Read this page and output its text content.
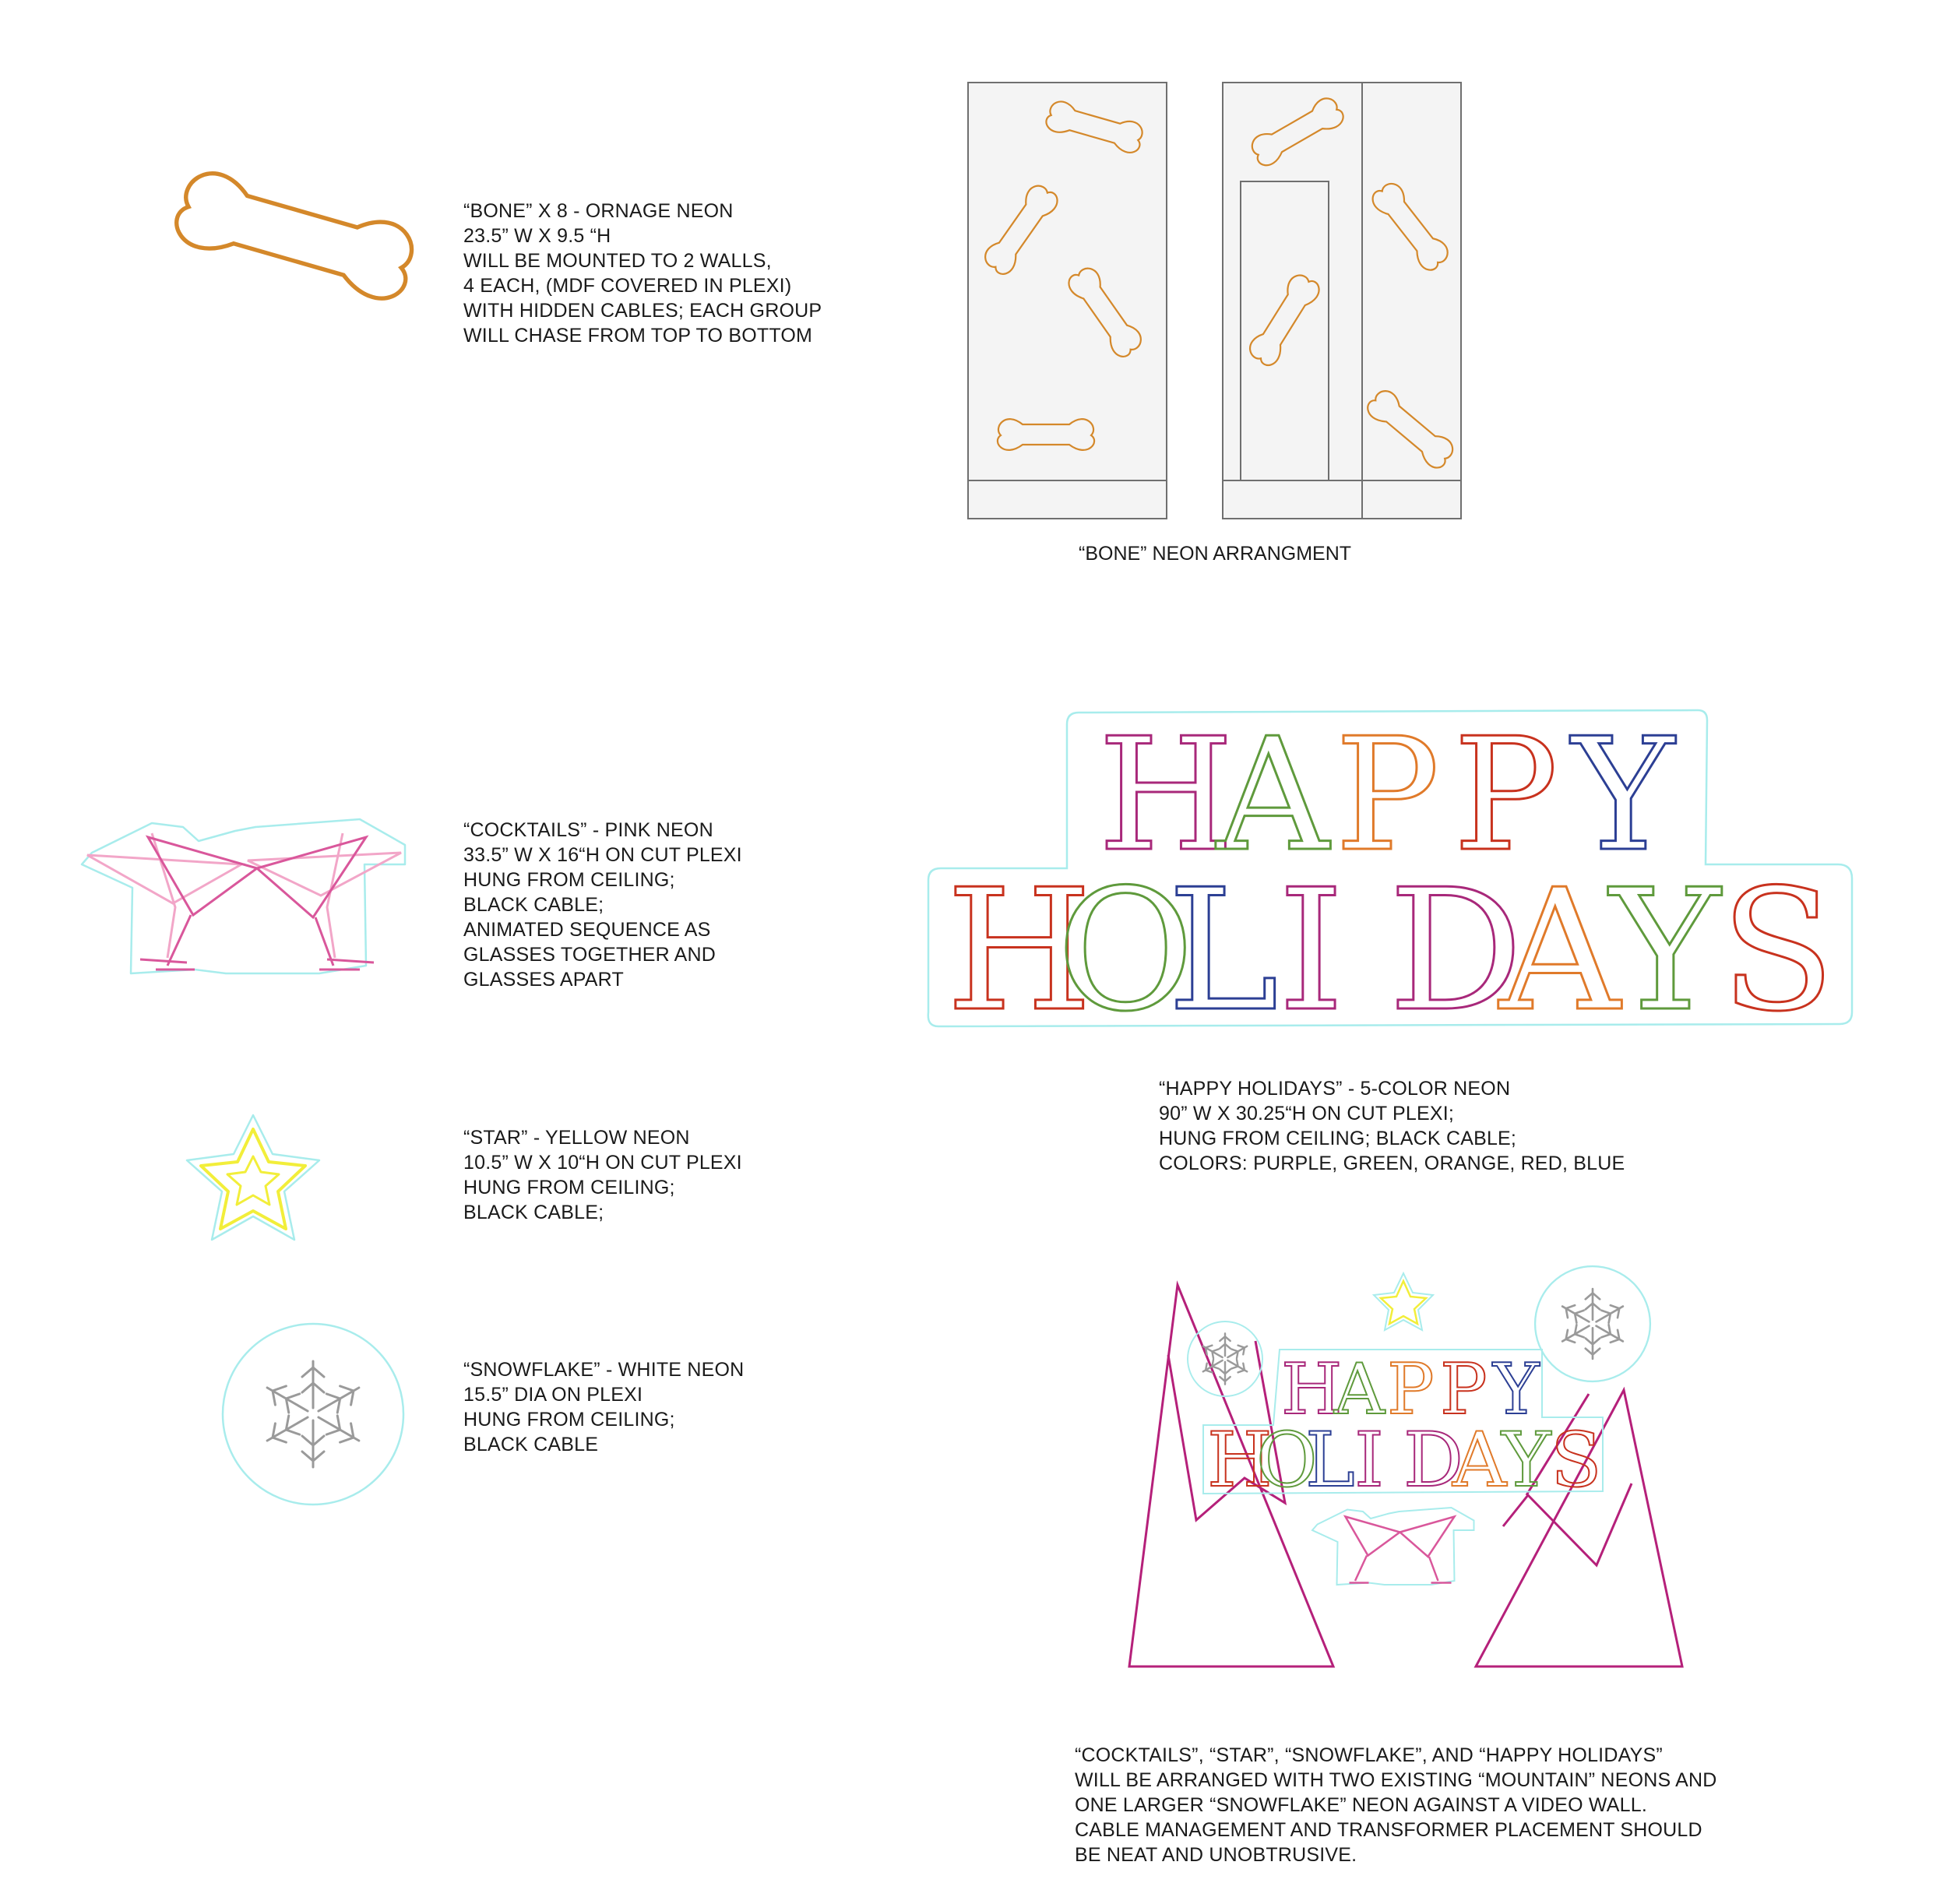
H
A P P Y
H
O
L I D
A
Y S
H
A P P Y
H
O
L I D
A
Y S
“BONE” X 8 - ORNAGE NEON
23.5” W X 9.5 “H
WILL BE MOUNTED TO 2 WALLS,
4 EACH, (MDF COVERED IN PLEXI)
WITH HIDDEN CABLES; EACH GROUP
WILL CHASE FROM TOP TO BOTTOM
“BONE” NEON ARRANGMENT
“COCKTAILS” - PINK NEON
33.5” W X 16“H ON CUT PLEXI
HUNG FROM CEILING;
BLACK CABLE;
ANIMATED SEQUENCE AS
GLASSES TOGETHER AND
GLASSES APART
“STAR” - YELLOW NEON
10.5” W X 10“H ON CUT PLEXI
HUNG FROM CEILING;
BLACK CABLE;
“SNOWFLAKE” - WHITE NEON
15.5” DIA ON PLEXI
HUNG FROM CEILING;
BLACK CABLE
“HAPPY HOLIDAYS” - 5-COLOR NEON
90” W X 30.25“H ON CUT PLEXI;
HUNG FROM CEILING; BLACK CABLE;
COLORS: PURPLE, GREEN, ORANGE, RED, BLUE
“COCKTAILS”, “STAR”, “SNOWFLAKE”, AND “HAPPY HOLIDAYS”
WILL BE ARRANGED WITH TWO EXISTING “MOUNTAIN” NEONS AND
ONE LARGER “SNOWFLAKE” NEON AGAINST A VIDEO WALL.
CABLE MANAGEMENT AND TRANSFORMER PLACEMENT SHOULD
BE NEAT AND UNOBTRUSIVE.
